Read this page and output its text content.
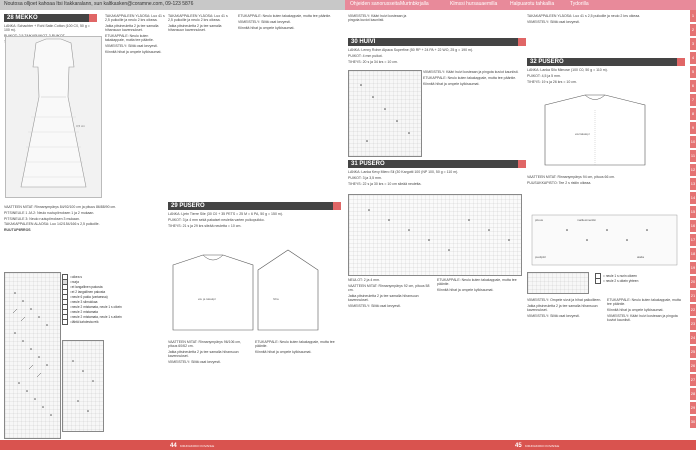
Noutosa olljoet kahoaa Itsi Itakkaralann, sun kaltkasken@coramne.com, 09-123 5876	Ohjeiden sanorusseita Murtnbkrjalla	Klmssi hursauaemilla	Halpuarotu tahkallia	Tydorilla
28 MEKKO

LANKA: Schachter + Rohl Satin Cotton (100 C0, 50 g = 100 m).

3,5 cm

VAATTEEN MITAT: Rinnanympärys 84/92/100 cm ja pituus 86/88/90 cm.

PITSINEULE 1 JA 2: Neulo ruutupiirroksen 1 ja 2 mukaan.

PITSINEULE 3: Neulo ruutupiirroksen 3 mukaan.

TAKAKAPPALEEN ALAOSA: Luo 142/154/166 s 2,5 puikoille.

RUUTUPIIRROS

=oikea s
=nurja
=ei langallinen pakosta
=ei 2 langallinen pakosta
=neule 6 pakia (vartaessa)
=neule 3 silmukkaa
=neule 2 mistamata, neule 1 s oikein
=neule 2 mistamata
=neule 2 mistamata, neule 1 s aikein
=lähtä kahdesta reik

TAKAKAPPALEEN YLÄOSA: Luo 41 s 2,5 puikoille ja neulo 2 krs oikeaa.

Jatka pitsineuletta 2 ja tee samalla hihansuun kavennukset.

ETUKAPPALE: Neulo kuten takakappale, mutta tee pääntie.

VIIMEISTELY: Silitä osat kevyesti.

Kiinnitä hihat ja ompele kylkisaumat.

TAKAKAPPALEEN YLÄOSA: Luo 41 s 2,5 puikoille ja neulo 2 krs oikeaa.

Jatka pitsineuletta 2 ja tee samalla hihansuun kavennukset.

29 PUSERO

LANKA: Ljetn Tierre Sile (30 C0 + 35 PETS = 25 M = 6 PA, 50 g = 150 m).

PUIKOT: 3 ja 4 mm sekä pakaiset neuleita varten puikopuikko.

TIHEYS: 21 s ja 29 krs sileää neuletta = 10 cm.

etu ja takakpl	hiha

VAATTEEN MITAT: Rinnanympärys 96/106 cm, pituus 60/62 cm.

Jatka pitsineuletta 2 ja tee samalla hihansuun kavennukset.

VIIMEISTELY: Silitä osat kevyesti.

ETUKAPPALE: Neulo kuten takakappale, mutta tee pääntie.

Kiinnitä hihat ja ompele kylkisaumat.

ETUKAPPALE: Neulo kuten takakappale, mutta tee pääntie.

VIIMEISTELY: Silitä osat kevyesti.

Kiinnitä hihat ja ompele kylkisaumat.

VIIMEISTELY: Kääri huivi kosteaan ja pingota kuviot kauniisti.

30 HUIVI

LANKA: Lenny Rohm Alpaca Superfine (50 RP + 24 PA + 22 WO, 25 g = 190 m).

PUIKOT: 4 mm puikot.

TIHEYS: 20 s ja 34 krs = 10 cm.

VIIMEISTELY: Kääri huivi kosteaan ja pingota kuviot kauniisti.

ETUKAPPALE: Neulo kuten takakappale, mutta tee pääntie.

Kiinnitä hihat ja ompele kylkisaumat.

31 PUSERO

LANKA: Lanka Kevy Miero Sil (30 Kargotti 100 (NP 100, 50 g = 110 m).

PUIKOT: 3 ja 3,5 mm.

TIHEYS: 22 s ja 30 krs = 10 cm sileää neuletta.

NEULOT: 2 ja 4 mm.

VAATTEEN MITAT: Rinnanympärys 92 cm, pituus 58 cm.

Jatka pitsineuletta 2 ja tee samalla hihansuun kavennukset.

VIIMEISTELY: Silitä osat kevyesti.

ETUKAPPALE: Neulo kuten takakappale, mutta tee pääntie.

Kiinnitä hihat ja ompele kylkisaumat.

TAKAKAPPALEEN YLÄOSA: Luo 41 s 2,5 puikoille ja neulo 2 krs oikeaa.

VIIMEISTELY: Silitä osat kevyesti.

32 PUSERO

LANKA: Lanka Silo Mimose (100 C0, 50 g = 110 m).

PUIKOT: 4,5 ja 5 mm.

TIHEYS: 19 s ja 26 krs = 10 cm.

etu/takakpl

VAATTEEN MITAT: Rinnanympärys 94 cm, pituus 66 cm.

PUUSUKKAPISTO: Tee 2 s ristiin oikeaa.

pituus	malliesimerkki
puolipiiri	alalia
= neule 1 s nurin oikeen
= neule 2 s oikein yhteen

VIIMEISTELY: Ompele sivut ja hihat paikoilleen.

Jatka pitsineuletta 2 ja tee samalla hihansuun kavennukset.

VIIMEISTELY: Silitä osat kevyesti.

ETUKAPPALE: Neulo kuten takakappale, mutta tee pääntie.

Kiinnitä hihat ja ompele kylkisaumat.

VIIMEISTELY: Kääri huivi kosteaan ja pingota kuviot kauniisti.

1
2
3
4
5
6
7
8
9
10
11
12
13
14
15
16
17
18
19
20
21
22
23
24
25
26
27
28
29
30
44 KIRJOAKOKO KOVANLE	45 KIRJOAKOKO KOVANLE
